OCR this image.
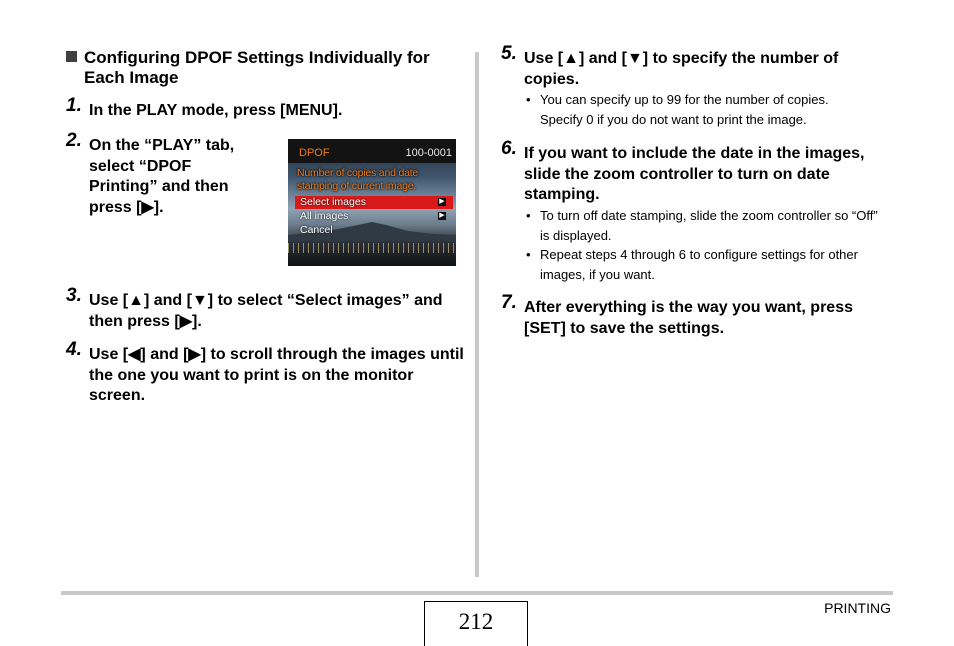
Configuring DPOF Settings Individually for Each Image
1. In the PLAY mode, press [MENU].
2. On the “PLAY” tab, select “DPOF Printing” and then press [▶].
DPOF	100-0001
Number of copies and date stamping of current image.
Select images	▶
All images	▶
Cancel
3. Use [▲] and [▼] to select “Select images” and then press [▶].
4. Use [◀] and [▶] to scroll through the images until the one you want to print is on the monitor screen.
5. Use [▲] and [▼] to specify the number of copies.
• You can specify up to 99 for the number of copies. Specify 0 if you do not want to print the image.
6. If you want to include the date in the images, slide the zoom controller to turn on date stamping.
• To turn off date stamping, slide the zoom controller so “Off” is displayed.
• Repeat steps 4 through 6 to configure settings for other images, if you want.
7. After everything is the way you want, press [SET] to save the settings.
212
PRINTING
